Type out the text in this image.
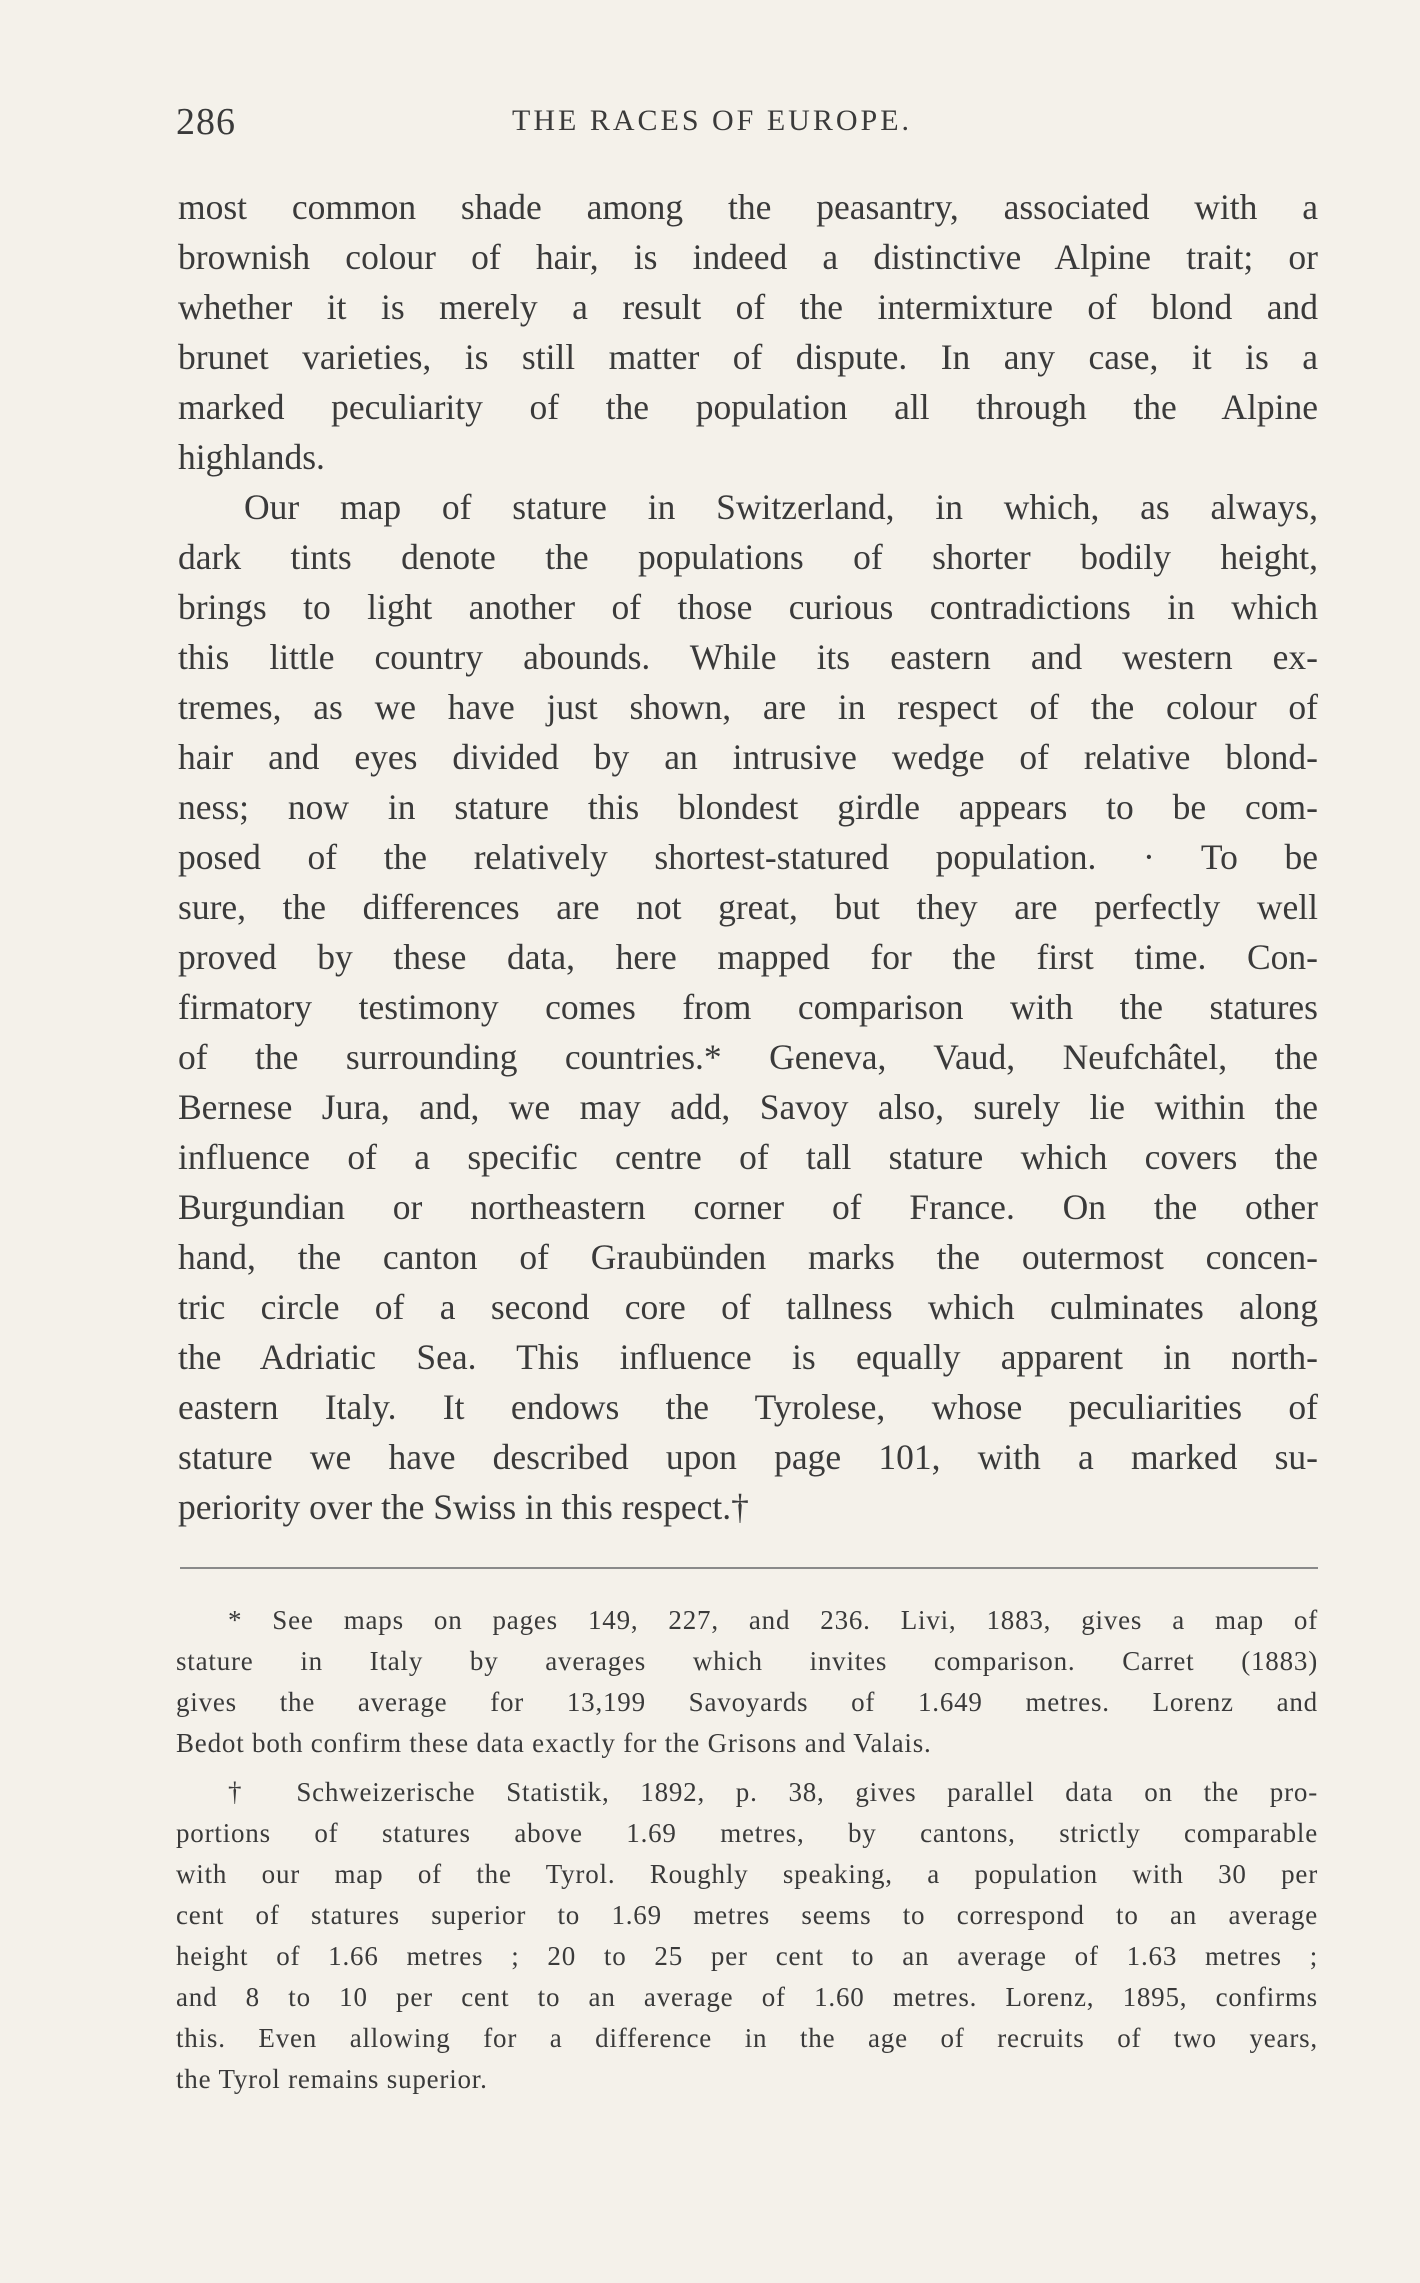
286	THE RACES OF EUROPE.
most common shade among the peasantry, associated with a
brownish colour of hair, is indeed a distinctive Alpine trait; or
whether it is merely a result of the intermixture of blond and
brunet varieties, is still matter of dispute. In any case, it is a
marked peculiarity of the population all through the Alpine
highlands.
Our map of stature in Switzerland, in which, as always,
dark tints denote the populations of shorter bodily height,
brings to light another of those curious contradictions in which
this little country abounds. While its eastern and western ex-
tremes, as we have just shown, are in respect of the colour of
hair and eyes divided by an intrusive wedge of relative blond-
ness; now in stature this blondest girdle appears to be com-
posed of the relatively shortest-statured population. · To be
sure, the differences are not great, but they are perfectly well
proved by these data, here mapped for the first time. Con-
firmatory testimony comes from comparison with the statures
of the surrounding countries.* Geneva, Vaud, Neufchâtel, the
Bernese Jura, and, we may add, Savoy also, surely lie within the
influence of a specific centre of tall stature which covers the
Burgundian or northeastern corner of France. On the other
hand, the canton of Graubünden marks the outermost concen-
tric circle of a second core of tallness which culminates along
the Adriatic Sea. This influence is equally apparent in north-
eastern Italy. It endows the Tyrolese, whose peculiarities of
stature we have described upon page 101, with a marked su-
periority over the Swiss in this respect.†
* See maps on pages 149, 227, and 236. Livi, 1883, gives a map of
stature in Italy by averages which invites comparison. Carret (1883)
gives the average for 13,199 Savoyards of 1.649 metres. Lorenz and
Bedot both confirm these data exactly for the Grisons and Valais.
† Schweizerische Statistik, 1892, p. 38, gives parallel data on the pro-
portions of statures above 1.69 metres, by cantons, strictly comparable
with our map of the Tyrol. Roughly speaking, a population with 30 per
cent of statures superior to 1.69 metres seems to correspond to an average
height of 1.66 metres ; 20 to 25 per cent to an average of 1.63 metres ;
and 8 to 10 per cent to an average of 1.60 metres. Lorenz, 1895, confirms
this. Even allowing for a difference in the age of recruits of two years,
the Tyrol remains superior.
